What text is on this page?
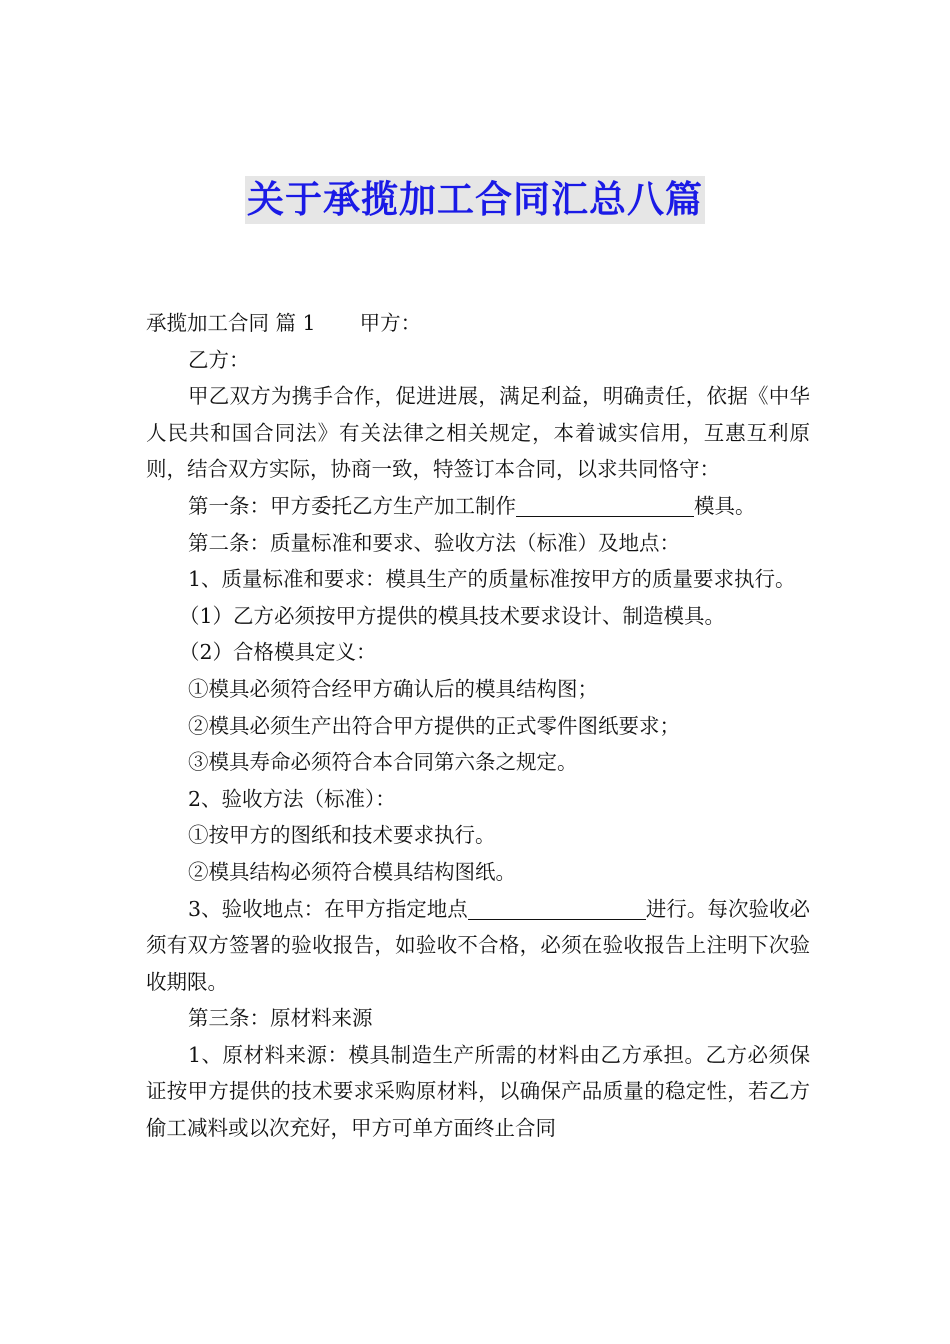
关于承揽加工合同汇总八篇

承揽加工合同 篇 1 甲方：

乙方：

甲乙双方为携手合作，促进进展，满足利益，明确责任，依据《中华人民共和国合同法》有关法律之相关规定，本着诚实信用，互惠互利原则，结合双方实际，协商一致，特签订本合同，以求共同恪守：

第一条：甲方委托乙方生产加工制作	模具。

第二条：质量标准和要求、验收方法（标准）及地点：

1、质量标准和要求：模具生产的质量标准按甲方的质量要求执行。

（1）乙方必须按甲方提供的模具技术要求设计、制造模具。

（2）合格模具定义：

①模具必须符合经甲方确认后的模具结构图；

②模具必须生产出符合甲方提供的正式零件图纸要求；

③模具寿命必须符合本合同第六条之规定。

2、验收方法（标准）：

①按甲方的图纸和技术要求执行。

②模具结构必须符合模具结构图纸。

3、验收地点：在甲方指定地点	进行。每次验收必须有双方签署的验收报告，如验收不合格，必须在验收报告上注明下次验收期限。

第三条：原材料来源

1、原材料来源：模具制造生产所需的材料由乙方承担。乙方必须保证按甲方提供的技术要求采购原材料，以确保产品质量的稳定性，若乙方偷工减料或以次充好，甲方可单方面终止合同
